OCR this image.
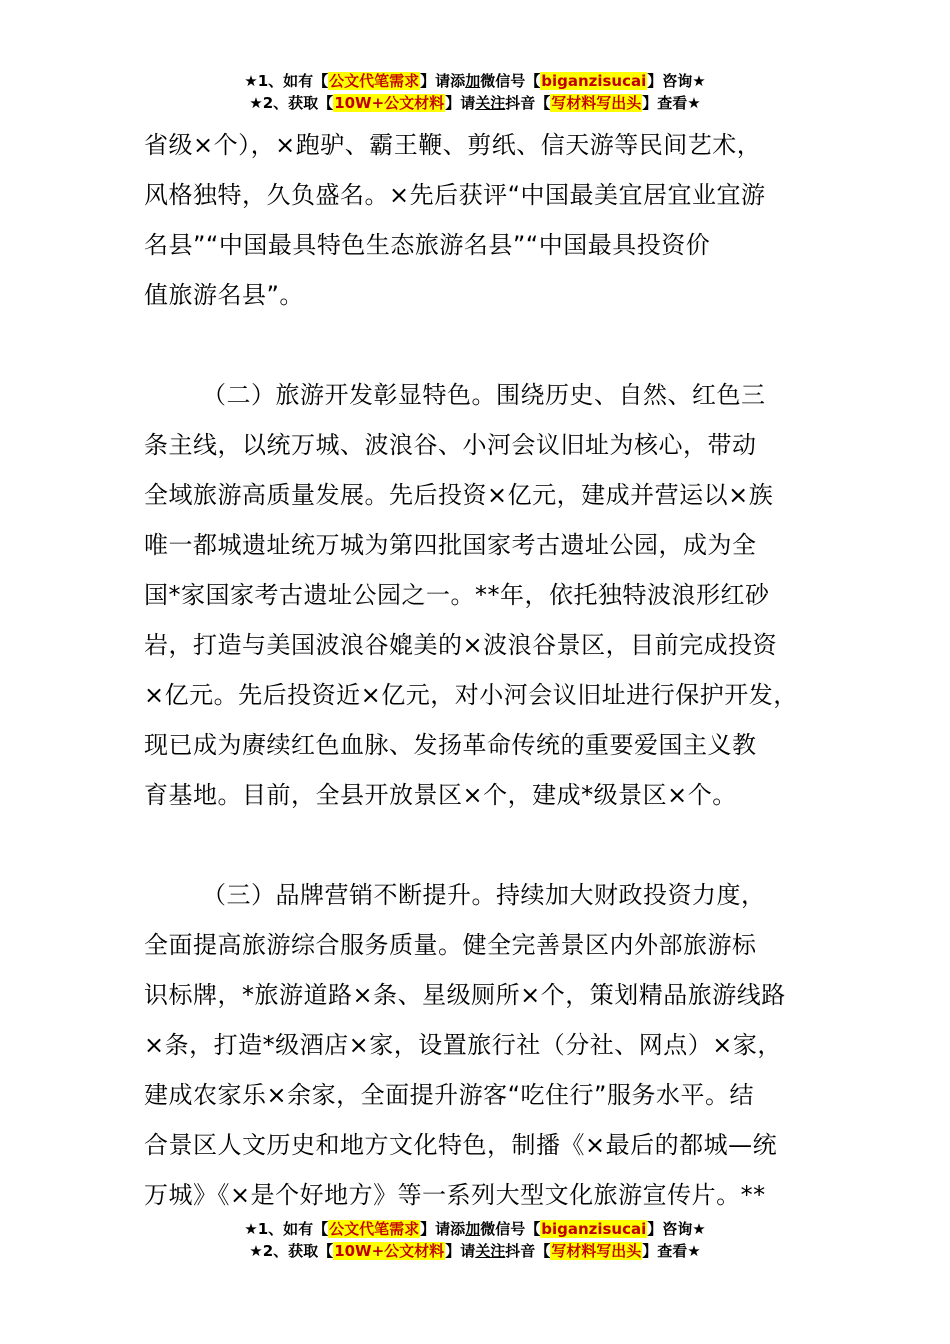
★1、如有【公文代笔需求】请添加微信号【biganzisucai】咨询★
★2、获取【10W+公文材料】请关注抖音【写材料写出头】查看★
省级×个），×跑驴、霸王鞭、剪纸、信天游等民间艺术，
风格独特，久负盛名。×先后获评“中国最美宜居宜业宜游
名县”“中国最具特色生态旅游名县”“中国最具投资价
值旅游名县”。
（二）旅游开发彰显特色。围绕历史、自然、红色三
条主线，以统万城、波浪谷、小河会议旧址为核心，带动
全域旅游高质量发展。先后投资×亿元，建成并营运以×族
唯一都城遗址统万城为第四批国家考古遗址公园，成为全
国*家国家考古遗址公园之一。**年，依托独特波浪形红砂
岩，打造与美国波浪谷媲美的×波浪谷景区，目前完成投资
×亿元。先后投资近×亿元，对小河会议旧址进行保护开发，
现已成为赓续红色血脉、发扬革命传统的重要爱国主义教
育基地。目前，全县开放景区×个，建成*级景区×个。
（三）品牌营销不断提升。持续加大财政投资力度，
全面提高旅游综合服务质量。健全完善景区内外部旅游标
识标牌，*旅游道路×条、星级厕所×个，策划精品旅游线路
×条，打造*级酒店×家，设置旅行社（分社、网点）×家，
建成农家乐×余家，全面提升游客“吃住行”服务水平。结
合景区人文历史和地方文化特色，制播《×最后的都城—统
万城》《×是个好地方》等一系列大型文化旅游宣传片。**
★1、如有【公文代笔需求】请添加微信号【biganzisucai】咨询★
★2、获取【10W+公文材料】请关注抖音【写材料写出头】查看★
